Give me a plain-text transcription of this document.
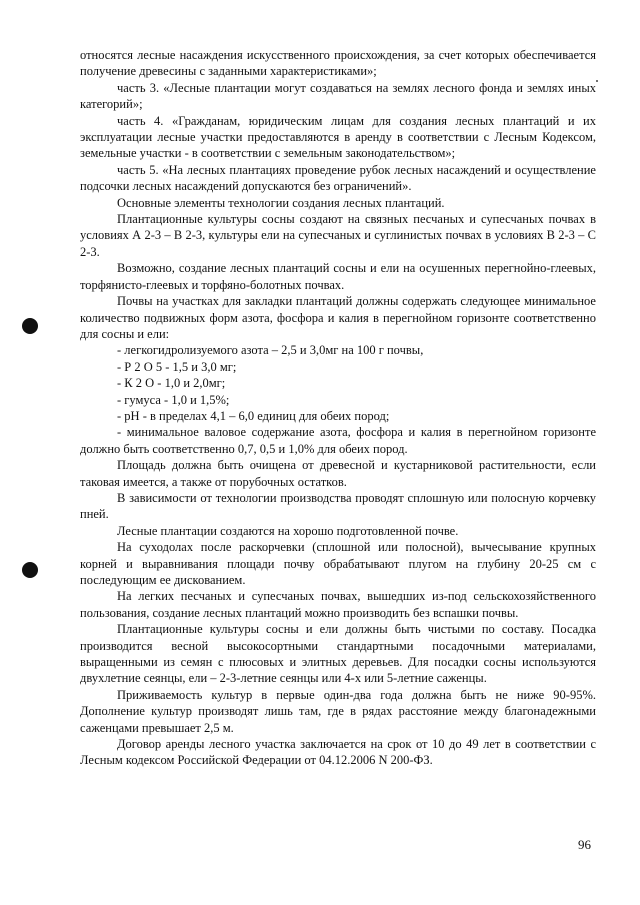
относятся лесные насаждения искусственного происхождения, за счет которых обеспечивается получение древесины с заданными характеристиками»;

часть 3. «Лесные плантации могут создаваться на землях лесного фонда и землях иных категорий»;

часть 4. «Гражданам, юридическим лицам для создания лесных плантаций и их эксплуатации лесные участки предоставляются в аренду в соответствии с Лесным Кодексом, земельные участки - в соответствии с земельным законодательством»;

часть 5. «На лесных плантациях проведение рубок лесных насаждений и осуществление подсочки лесных насаждений допускаются без ограничений».

Основные элементы технологии создания лесных плантаций.

Плантационные культуры сосны создают на связных песчаных и супесчаных почвах в условиях А 2-3 – В 2-3, культуры ели на супесчаных и суглинистых почвах в условиях В 2-3 – С 2-3.

Возможно, создание лесных плантаций сосны и ели на осушенных перегнойно-глеевых, торфянисто-глеевых и торфяно-болотных почвах.

Почвы на участках для закладки плантаций должны содержать следующее минимальное количество подвижных форм азота, фосфора и калия в перегнойном горизонте соответственно для сосны и ели:

- легкогидролизуемого азота – 2,5 и 3,0мг на 100 г почвы,

- Р 2 О 5 - 1,5 и 3,0 мг;

- К 2 О - 1,0 и 2,0мг;

- гумуса - 1,0 и 1,5%;

- рН - в пределах 4,1 – 6,0 единиц для обеих пород;

- минимальное валовое содержание азота, фосфора и калия в перегнойном горизонте должно быть соответственно 0,7, 0,5 и 1,0% для обеих пород.

Площадь должна быть очищена от древесной и кустарниковой растительности, если таковая имеется, а также от порубочных остатков.

В зависимости от технологии производства проводят сплошную или полосную корчевку пней.

Лесные плантации создаются на хорошо подготовленной почве.

На суходолах после раскорчевки (сплошной или полосной), вычесывание крупных корней и выравнивания площади почву обрабатывают плугом на глубину 20-25 см с последующим ее дискованием.

На легких песчаных и супесчаных почвах, вышедших из-под сельскохозяйственного пользования, создание лесных плантаций можно производить без вспашки почвы.

Плантационные культуры сосны и ели должны быть чистыми по составу. Посадка производится весной высокосортными стандартными посадочными материалами, выращенными из семян с плюсовых и элитных деревьев. Для посадки сосны используются двухлетние сеянцы, ели – 2-3-летние сеянцы или 4-х или 5-летние саженцы.

Приживаемость культур в первые один-два года должна быть не ниже 90-95%. Дополнение культур производят лишь там, где в рядах расстояние между благонадежными саженцами превышает 2,5 м.

Договор аренды лесного участка заключается на срок от 10 до 49 лет в соответствии с Лесным кодексом Российской Федерации от 04.12.2006 N 200-ФЗ.

96
